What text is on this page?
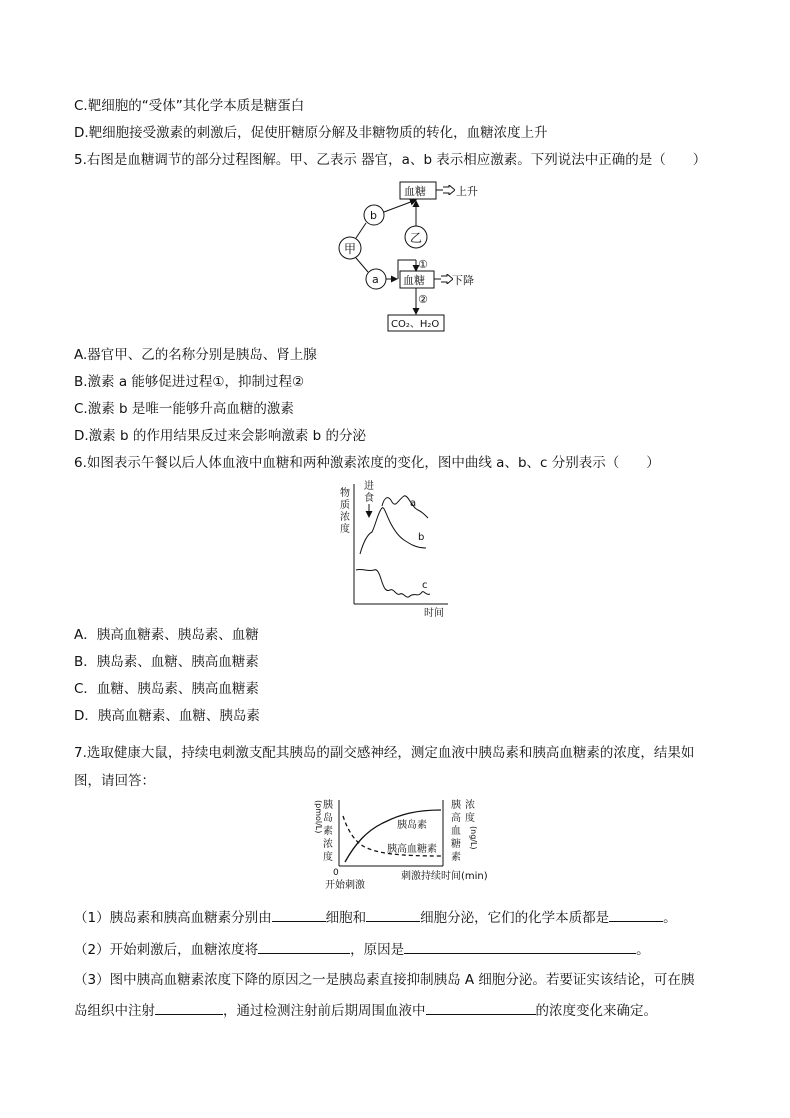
C.靶细胞的“受体”其化学本质是糖蛋白
D.靶细胞接受激素的刺激后，促使肝糖原分解及非糖物质的转化，血糖浓度上升
5.右图是血糖调节的部分过程图解。甲、乙表示 器官，a、b 表示相应激素。下列说法中正确的是（　　）
血糖	上升
b
乙
甲
a 血糖 下降
①
②
CO₂、H₂O
A.器官甲、乙的名称分别是胰岛、肾上腺
B.激素 a 能够促进过程①，抑制过程②
C.激素 b 是唯一能够升高血糖的激素
D.激素 b 的作用结果反过来会影响激素 b 的分泌
6.如图表示午餐以后人体血液中血糖和两种激素浓度的变化，图中曲线 a、b、c 分别表示（　　）
物
质
浓
度
进
食	a
b
c
时间
A．胰高血糖素、胰岛素、血糖
B．胰岛素、血糖、胰高血糖素
C．血糖、胰岛素、胰高血糖素
D．胰高血糖素、血糖、胰岛素
7.选取健康大鼠，持续电刺激支配其胰岛的副交感神经，测定血液中胰岛素和胰高血糖素的浓度，结果如
图，请回答：
胰
岛
素
浓
度
(pmol/L)	胰
高
血
糖
素
浓
度
(ng/L)
胰岛素
胰高血糖素
0
开始刺激
刺激持续时间(min)
（1）胰岛素和胰高血糖素分别由	细胞和	细胞分泌，它们的化学本质都是	。
（2）开始刺激后，血糖浓度将	，原因是	。
（3）图中胰高血糖素浓度下降的原因之一是胰岛素直接抑制胰岛 A 细胞分泌。若要证实该结论，可在胰
岛组织中注射	，通过检测注射前后期周围血液中	的浓度变化来确定。
